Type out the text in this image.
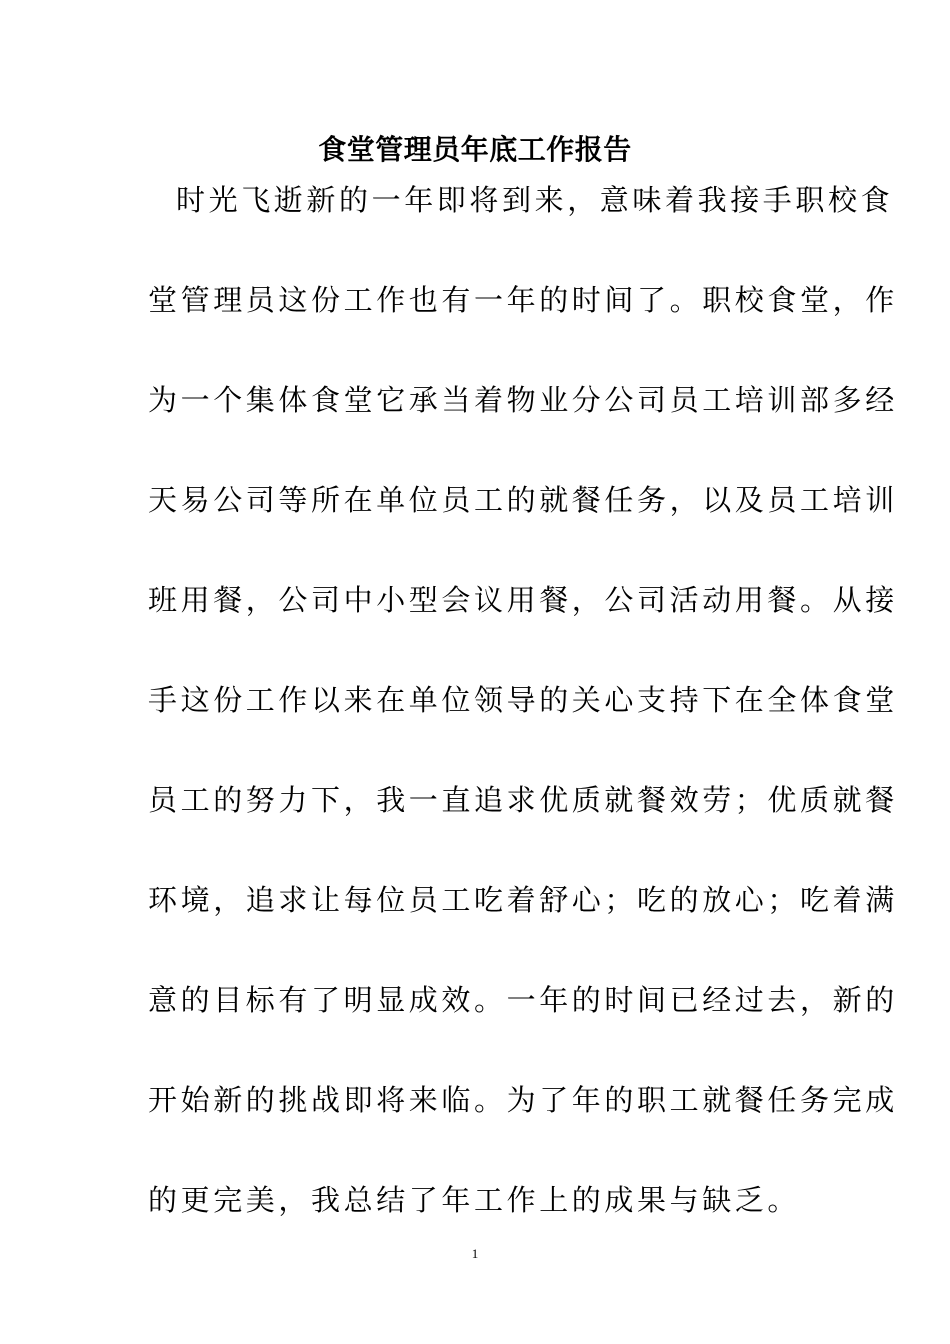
食堂管理员年底工作报告
时光飞逝新的一年即将到来，意味着我接手职校食
堂管理员这份工作也有一年的时间了。职校食堂，作
为一个集体食堂它承当着物业分公司员工培训部多经
天易公司等所在单位员工的就餐任务，以及员工培训
班用餐，公司中小型会议用餐，公司活动用餐。从接
手这份工作以来在单位领导的关心支持下在全体食堂
员工的努力下，我一直追求优质就餐效劳；优质就餐
环境，追求让每位员工吃着舒心；吃的放心；吃着满
意的目标有了明显成效。一年的时间已经过去，新的
开始新的挑战即将来临。为了年的职工就餐任务完成
的更完美，我总结了年工作上的成果与缺乏。
1
